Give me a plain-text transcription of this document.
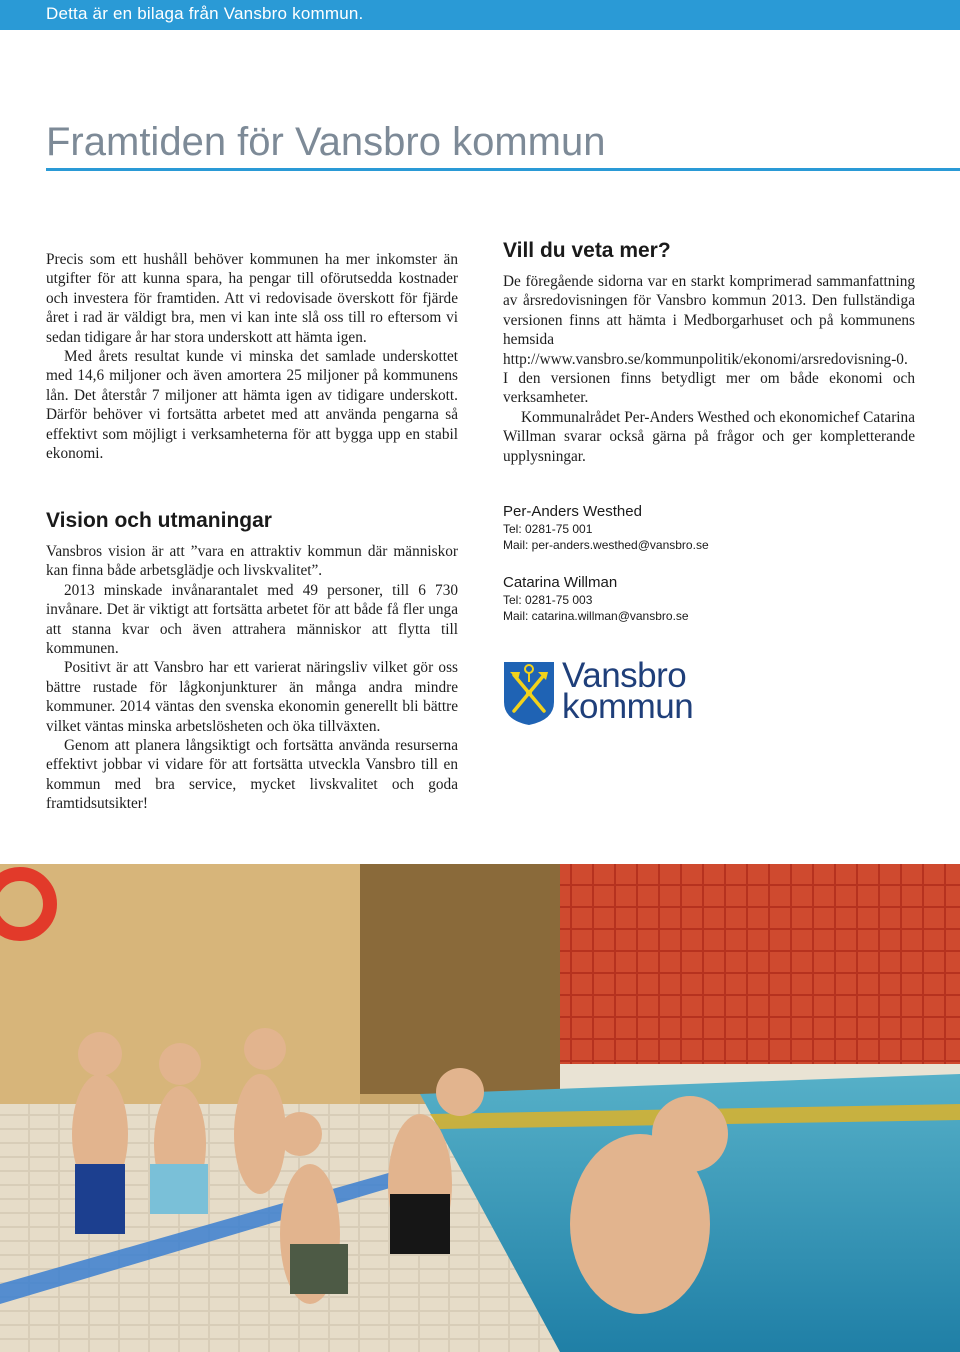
Detta är en bilaga från Vansbro kommun.
Framtiden för Vansbro kommun

Precis som ett hushåll behöver kommunen ha mer inkomster än utgifter för att kunna spara, ha pengar till oförutsedda kostnader och investera för framtiden. Att vi redovisade överskott för fjärde året i rad är väldigt bra, men vi kan inte slå oss till ro eftersom vi sedan tidigare år har stora underskott att hämta igen.

Med årets resultat kunde vi minska det samlade underskottet med 14,6 miljoner och även amortera 25 miljoner på kommunens lån. Det återstår 7 miljoner att hämta igen av tidigare underskott. Därför behöver vi fortsätta arbetet med att använda pengarna så effektivt som möjligt i verksamheterna för att bygga upp en stabil ekonomi.

Vision och utmaningar

Vansbros vision är att ”vara en attraktiv kommun där människor kan finna både arbetsglädje och livskvalitet”.

2013 minskade invånarantalet med 49 personer, till 6 730 invånare. Det är viktigt att fortsätta arbetet för att både få fler unga att stanna kvar och även attrahera människor att flytta till kommunen.

Positivt är att Vansbro har ett varierat näringsliv vilket gör oss bättre rustade för lågkonjunkturer än många andra mindre kommuner. 2014 väntas den svenska ekonomin generellt bli bättre vilket väntas minska arbetslösheten och öka tillväxten.

Genom att planera långsiktigt och fortsätta använda resurserna effektivt jobbar vi vidare för att fortsätta utveckla Vansbro till en kommun med bra service, mycket livskvalitet och goda framtidsutsikter!

Vill du veta mer?

De föregående sidorna var en starkt komprimerad sammanfattning av årsredovisningen för Vansbro kommun 2013. Den fullständiga versionen finns att hämta i Medborgarhuset och på kommunens hemsida http://www.vansbro.se/kommunpolitik/ekonomi/arsredovisning-0. I den versionen finns betydligt mer om både ekonomi och verksamheter.

Kommunalrådet Per-Anders Westhed och ekonomichef Catarina Willman svarar också gärna på frågor och ger kompletterande upplysningar.

Per-Anders Westhed
Tel: 0281-75 001
Mail: per-anders.westhed@vansbro.se
Catarina Willman
Tel: 0281-75 003
Mail: catarina.willman@vansbro.se
Vansbro
kommun
